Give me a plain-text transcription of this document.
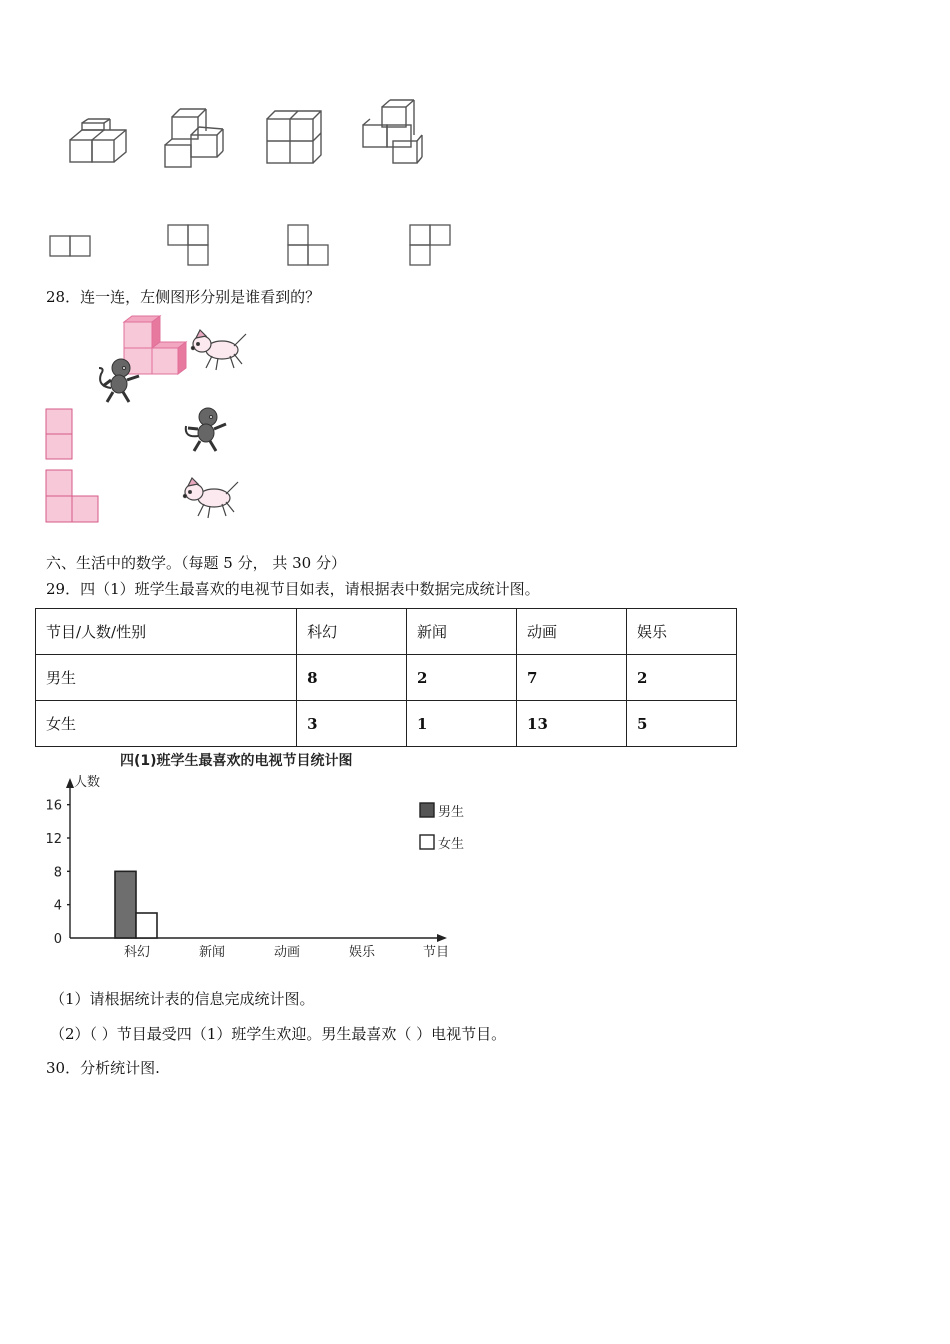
28．连一连，左侧图形分别是谁看到的？
六、生活中的数学。（每题 5 分， 共 30 分）
29．四（1）班学生最喜欢的电视节目如表，请根据表中数据完成统计图。
节目/人数/性别	科幻	新闻	动画	娱乐
男生	8	2	7	2
女生	3	1	13	5
四(1)班学生最喜欢的电视节目统计图
人数
节目
0
4
8
12
16
科幻	新闻	动画	娱乐
男生
女生
（1）请根据统计表的信息完成统计图。
（2）（ ）节目最受四（1）班学生欢迎。男生最喜欢（ ）电视节目。
30．分析统计图.
